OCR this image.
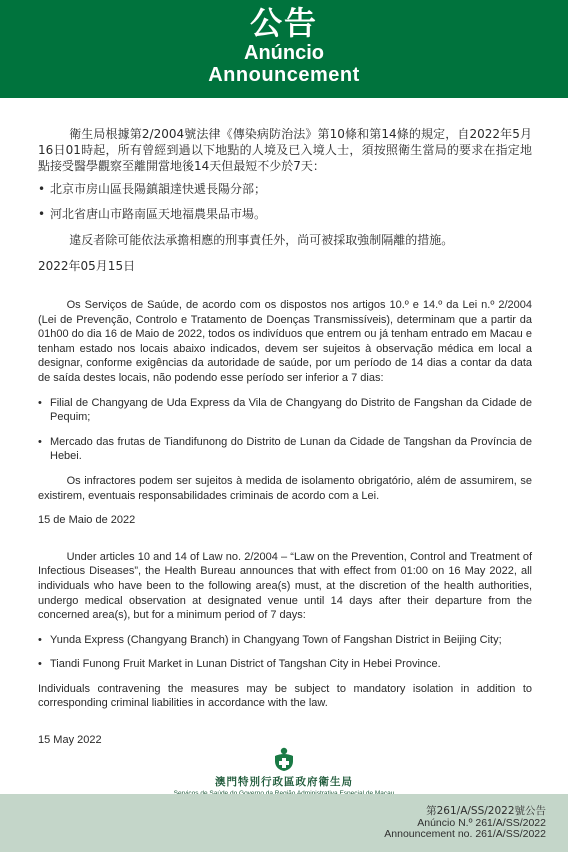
公告
Anúncio
Announcement

衛生局根據第2/2004號法律《傳染病防治法》第10條和第14條的規定，自2022年5月16日01時起，所有曾經到過以下地點的人境及已入境人士，須按照衛生當局的要求在指定地點接受醫學觀察至離開當地後14天但最短不少於7天：

• 北京市房山區長陽鎮韻達快遞長陽分部；

• 河北省唐山市路南區天地福農果品市場。

違反者除可能依法承擔相應的刑事責任外，尚可被採取強制隔離的措施。

2022年05月15日

Os Serviços de Saúde, de acordo com os dispostos nos artigos 10.º e 14.º da Lei n.º 2/2004 (Lei de Prevenção, Controlo e Tratamento de Doenças Transmissíveis), determinam que a partir da 01h00 do dia 16 de Maio de 2022, todos os indivíduos que entrem ou já tenham entrado em Macau e tenham estado nos locais abaixo indicados, devem ser sujeitos à observação médica em local a designar, conforme exigências da autoridade de saúde, por um período de 14 dias a contar da data de saída destes locais, não podendo esse período ser inferior a 7 dias:

• Filial de Changyang de Uda Express da Vila de Changyang do Distrito de Fangshan da Cidade de Pequim;

• Mercado das frutas de Tiandifunong do Distrito de Lunan da Cidade de Tangshan da Província de Hebei.

Os infractores podem ser sujeitos à medida de isolamento obrigatório, além de assumirem, se existirem, eventuais responsabilidades criminais de acordo com a Lei.

15 de Maio de 2022

Under articles 10 and 14 of Law no. 2/2004 – “Law on the Prevention, Control and Treatment of Infectious Diseases”, the Health Bureau announces that with effect from 01:00 on 16 May 2022, all individuals who have been to the following area(s) must, at the discretion of the health authorities, undergo medical observation at designated venue until 14 days after their departure from the concerned area(s), but for a minimum period of 7 days:

• Yunda Express (Changyang Branch) in Changyang Town of Fangshan District in Beijing City;

• Tiandi Funong Fruit Market in Lunan District of Tangshan City in Hebei Province.

Individuals contravening the measures may be subject to mandatory isolation in addition to corresponding criminal liabilities in accordance with the law.

15 May 2022

澳門特別行政區政府衛生局
第261/A/SS/2022號公告
Anúncio N.º 261/A/SS/2022
Announcement no. 261/A/SS/2022
